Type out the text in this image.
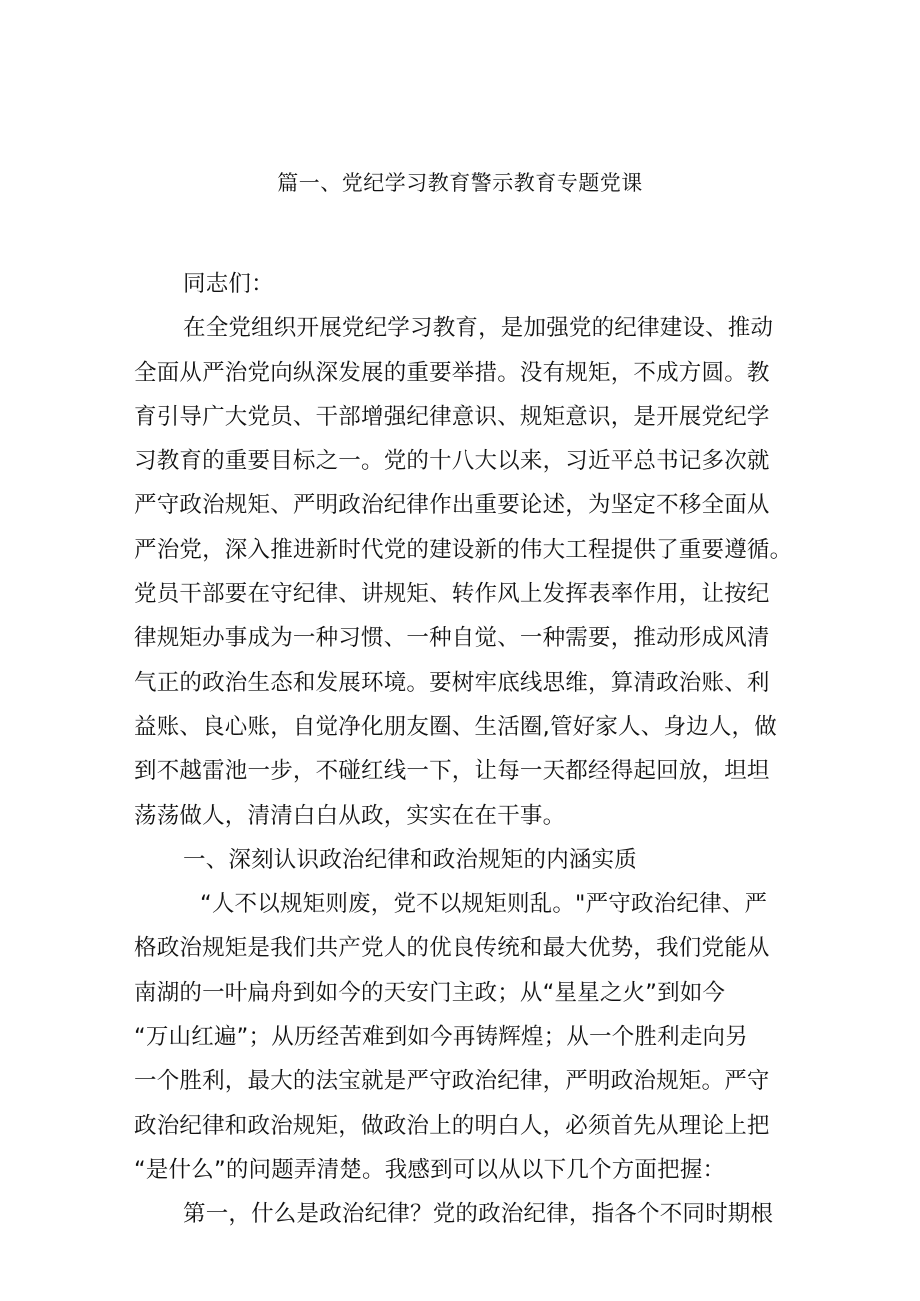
篇一、党纪学习教育警示教育专题党课
同志们：
在全党组织开展党纪学习教育，是加强党的纪律建设、推动
全面从严治党向纵深发展的重要举措。没有规矩，不成方圆。教
育引导广大党员、干部增强纪律意识、规矩意识，是开展党纪学
习教育的重要目标之一。党的十八大以来，习近平总书记多次就
严守政治规矩、严明政治纪律作出重要论述，为坚定不移全面从
严治党，深入推进新时代党的建设新的伟大工程提供了重要遵循。
党员干部要在守纪律、讲规矩、转作风上发挥表率作用，让按纪
律规矩办事成为一种习惯、一种自觉、一种需要，推动形成风清
气正的政治生态和发展环境。要树牢底线思维，算清政治账、利
益账、良心账，自觉净化朋友圈、生活圈,管好家人、身边人，做
到不越雷池一步，不碰红线一下，让每一天都经得起回放，坦坦
荡荡做人，清清白白从政，实实在在干事。
一、深刻认识政治纪律和政治规矩的内涵实质
“人不以规矩则废，党不以规矩则乱。"严守政治纪律、严
格政治规矩是我们共产党人的优良传统和最大优势，我们党能从
南湖的一叶扁舟到如今的天安门主政；从“星星之火”到如今
“万山红遍”；从历经苦难到如今再铸辉煌；从一个胜利走向另
一个胜利，最大的法宝就是严守政治纪律，严明政治规矩。严守
政治纪律和政治规矩，做政治上的明白人，必须首先从理论上把
“是什么”的问题弄清楚。我感到可以从以下几个方面把握：
第一，什么是政治纪律？党的政治纪律，指各个不同时期根
